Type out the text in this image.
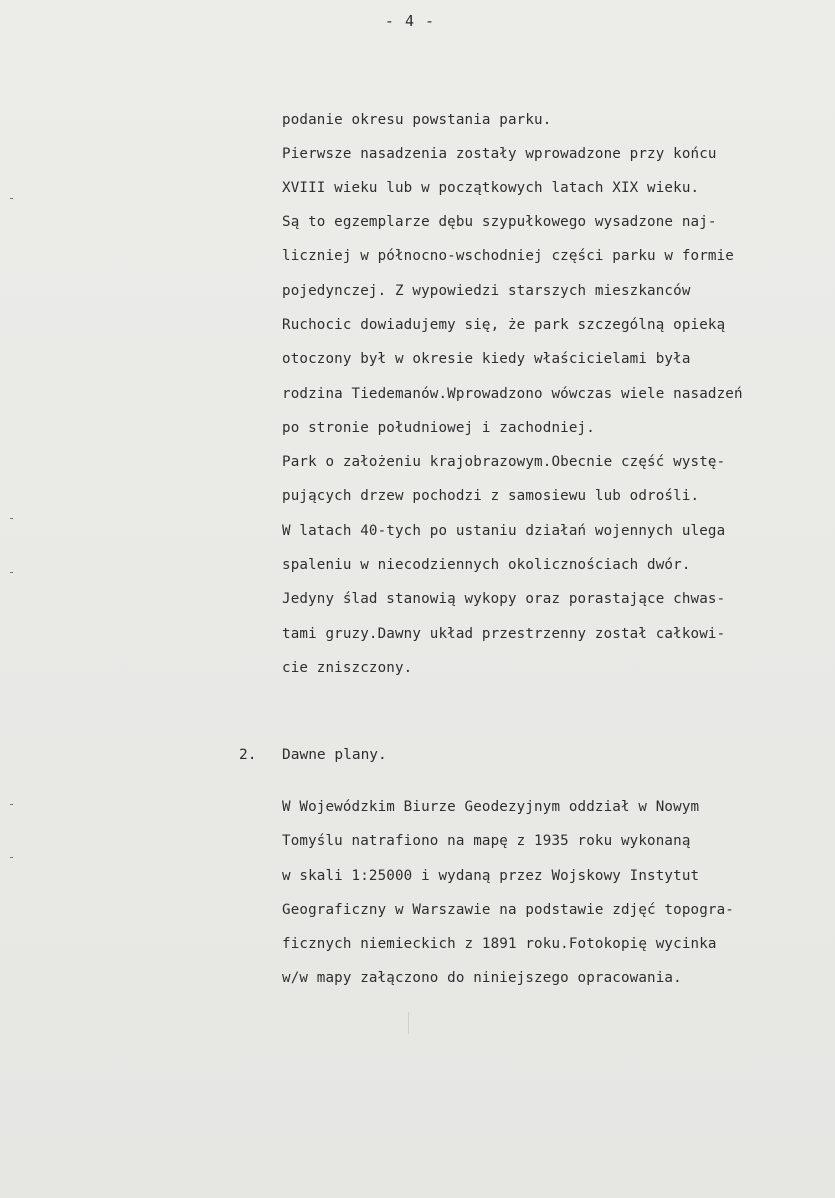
- 4 -
podanie okresu powstania parku.
Pierwsze nasadzenia zostały wprowadzone przy końcu
XVIII wieku lub w początkowych latach XIX wieku.
Są to egzemplarze dębu szypułkowego wysadzone naj-
liczniej w północno-wschodniej części parku w formie
pojedynczej. Z wypowiedzi starszych mieszkanców
Ruchocic dowiadujemy się, że park szczególną opieką
otoczony był w okresie kiedy właścicielami była
rodzina Tiedemanów.Wprowadzono wówczas wiele nasadzeń
po stronie południowej i zachodniej.
Park o założeniu krajobrazowym.Obecnie część wystę-
pujących drzew pochodzi z samosiewu lub odrośli.
W latach 40-tych po ustaniu działań wojennych ulega
spaleniu w niecodziennych okolicznościach dwór.
Jedyny ślad stanowią wykopy oraz porastające chwas-
tami gruzy.Dawny układ przestrzenny został całkowi-
cie zniszczony.
2. Dawne plany.
W Wojewódzkim Biurze Geodezyjnym oddział w Nowym
Tomyślu natrafiono na mapę z 1935 roku wykonaną
w skali 1:25000 i wydaną przez Wojskowy Instytut
Geograficzny w Warszawie na podstawie zdjęć topogra-
ficznych niemieckich z 1891 roku.Fotokopię wycinka
w/w mapy załączono do niniejszego opracowania.
